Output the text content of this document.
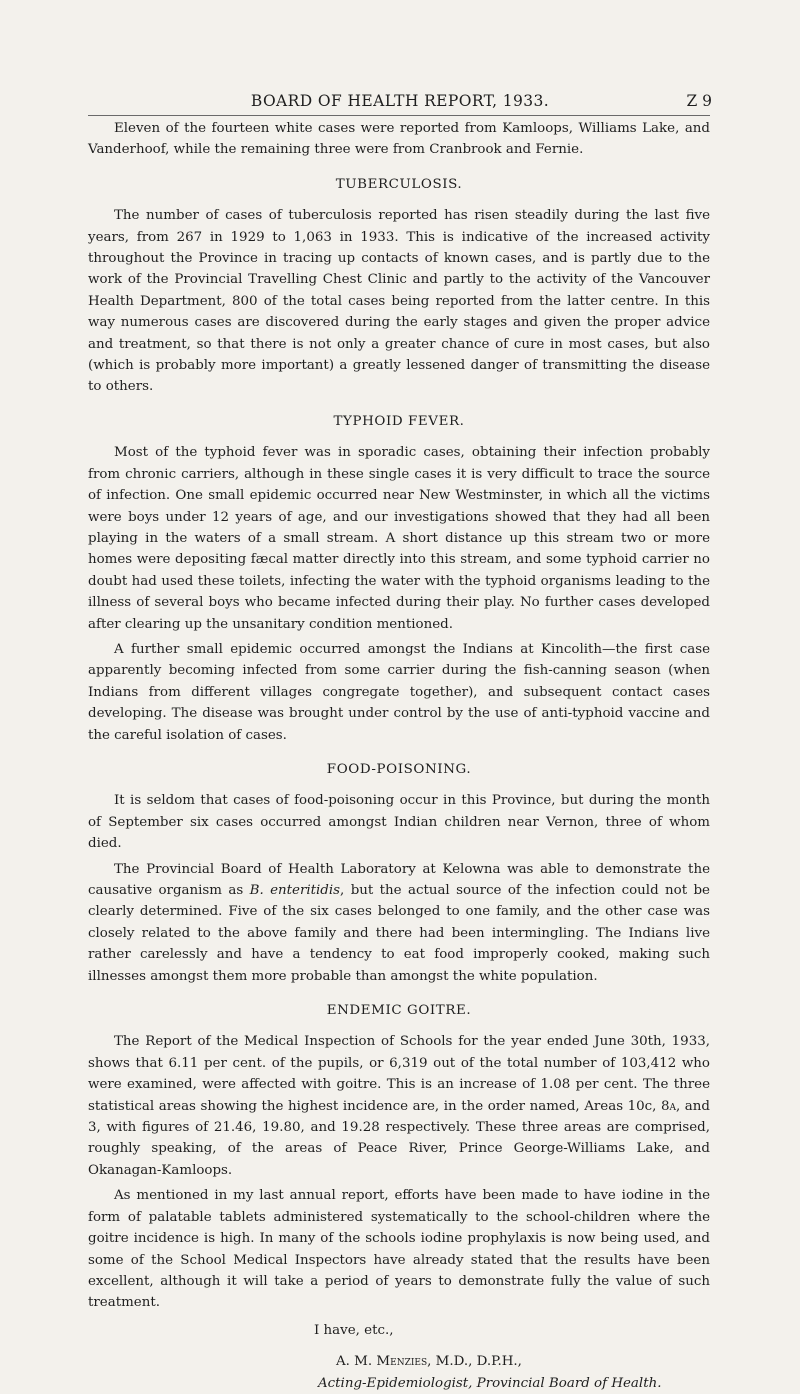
BOARD OF HEALTH REPORT, 1933.	Z 9

Eleven of the fourteen white cases were reported from Kamloops, Williams Lake, and Vanderhoof, while the remaining three were from Cranbrook and Fernie.

TUBERCULOSIS.

The number of cases of tuberculosis reported has risen steadily during the last five years, from 267 in 1929 to 1,063 in 1933. This is indicative of the increased activity throughout the Province in tracing up contacts of known cases, and is partly due to the work of the Provincial Travelling Chest Clinic and partly to the activity of the Vancouver Health Department, 800 of the total cases being reported from the latter centre. In this way numerous cases are discovered during the early stages and given the proper advice and treatment, so that there is not only a greater chance of cure in most cases, but also (which is probably more important) a greatly lessened danger of transmitting the disease to others.

TYPHOID FEVER.

Most of the typhoid fever was in sporadic cases, obtaining their infection probably from chronic carriers, although in these single cases it is very difficult to trace the source of infection. One small epidemic occurred near New Westminster, in which all the victims were boys under 12 years of age, and our investigations showed that they had all been playing in the waters of a small stream. A short distance up this stream two or more homes were depositing fæcal matter directly into this stream, and some typhoid carrier no doubt had used these toilets, infecting the water with the typhoid organisms leading to the illness of several boys who became infected during their play. No further cases developed after clearing up the unsanitary condition mentioned.

A further small epidemic occurred amongst the Indians at Kincolith—the first case apparently becoming infected from some carrier during the fish-canning season (when Indians from different villages congregate together), and subsequent contact cases developing. The disease was brought under control by the use of anti-typhoid vaccine and the careful isolation of cases.

FOOD-POISONING.

It is seldom that cases of food-poisoning occur in this Province, but during the month of September six cases occurred amongst Indian children near Vernon, three of whom died.

The Provincial Board of Health Laboratory at Kelowna was able to demonstrate the causative organism as B. enteritidis, but the actual source of the infection could not be clearly determined. Five of the six cases belonged to one family, and the other case was closely related to the above family and there had been intermingling. The Indians live rather carelessly and have a tendency to eat food improperly cooked, making such illnesses amongst them more probable than amongst the white population.

ENDEMIC GOITRE.

The Report of the Medical Inspection of Schools for the year ended June 30th, 1933, shows that 6.11 per cent. of the pupils, or 6,319 out of the total number of 103,412 who were examined, were affected with goitre. This is an increase of 1.08 per cent. The three statistical areas showing the highest incidence are, in the order named, Areas 10c, 8a, and 3, with figures of 21.46, 19.80, and 19.28 respectively. These three areas are comprised, roughly speaking, of the areas of Peace River, Prince George-Williams Lake, and Okanagan-Kamloops.

As mentioned in my last annual report, efforts have been made to have iodine in the form of palatable tablets administered systematically to the school-children where the goitre incidence is high. In many of the schools iodine prophylaxis is now being used, and some of the School Medical Inspectors have already stated that the results have been excellent, although it will take a period of years to demonstrate fully the value of such treatment.

I have, etc.,
A. M. Menzies, M.D., D.P.H.,
Acting-Epidemiologist, Provincial Board of Health.
